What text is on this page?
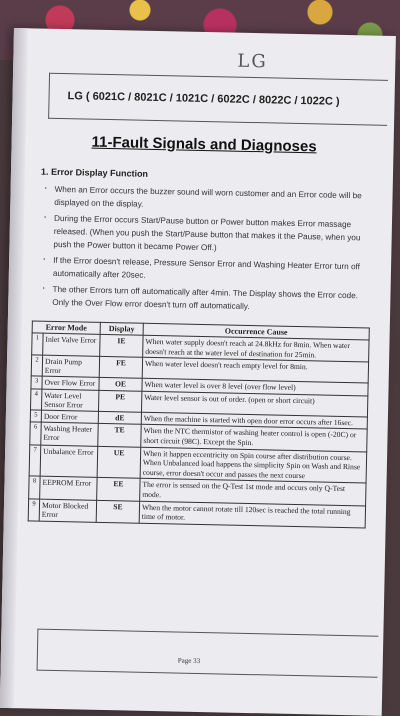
LG
LG ( 6021C / 8021C / 1021C / 6022C / 8022C / 1022C )
11-Fault Signals and Diagnoses
1. Error Display Function

. When an Error occurs the buzzer sound will worn customer and an Error code will be displayed on the display.

. During the Error occurs Start/Pause button or Power button makes Error massage released. (When you push the Start/Pause button that makes it the Pause, when you push the Power button it became Power Off.)

. If the Error doesn't release, Pressure Sensor Error and Washing Heater Error turn off automatically after 20sec.

. The other Errors turn off automatically after 4min. The Display shows the Error code. Only the Over Flow error doesn't turn off automatically.

Error Mode		Display	Occurrence Cause
1	Inlet Valve Error	IE	When water supply doesn't reach at 24.8kHz for 8min. When water doesn't reach at the water level of destination for 25min.
2	Drain Pump Error	FE	When water level doesn't reach empty level for 8min.
3	Over Flow Error	OE	When water level is over 8 level (over flow level)
4	Water Level Sensor Error	PE	Water level sensor is out of order. (open or short circuit)
5	Door Error	dE	When the machine is started with open door error occurs after 16sec.
6	Washing Heater Error	TE	When the NTC thermistor of washing heater control is open (-20C) or short circuit (98C). Except the Spin.
7	Unbalance Error	UE	When it happen eccentricity on Spin course after distribution course. When Unbalanced load happens the simplicity Spin on Wash and Rinse course, error doesn't occur and passes the next course
8	EEPROM Error	EE	The error is sensed on the Q-Test 1st mode and occurs only Q-Test mode.
9	Motor Blocked Error	SE	When the motor cannot rotate till 120sec is reached the total running time of motor.
Page 33
